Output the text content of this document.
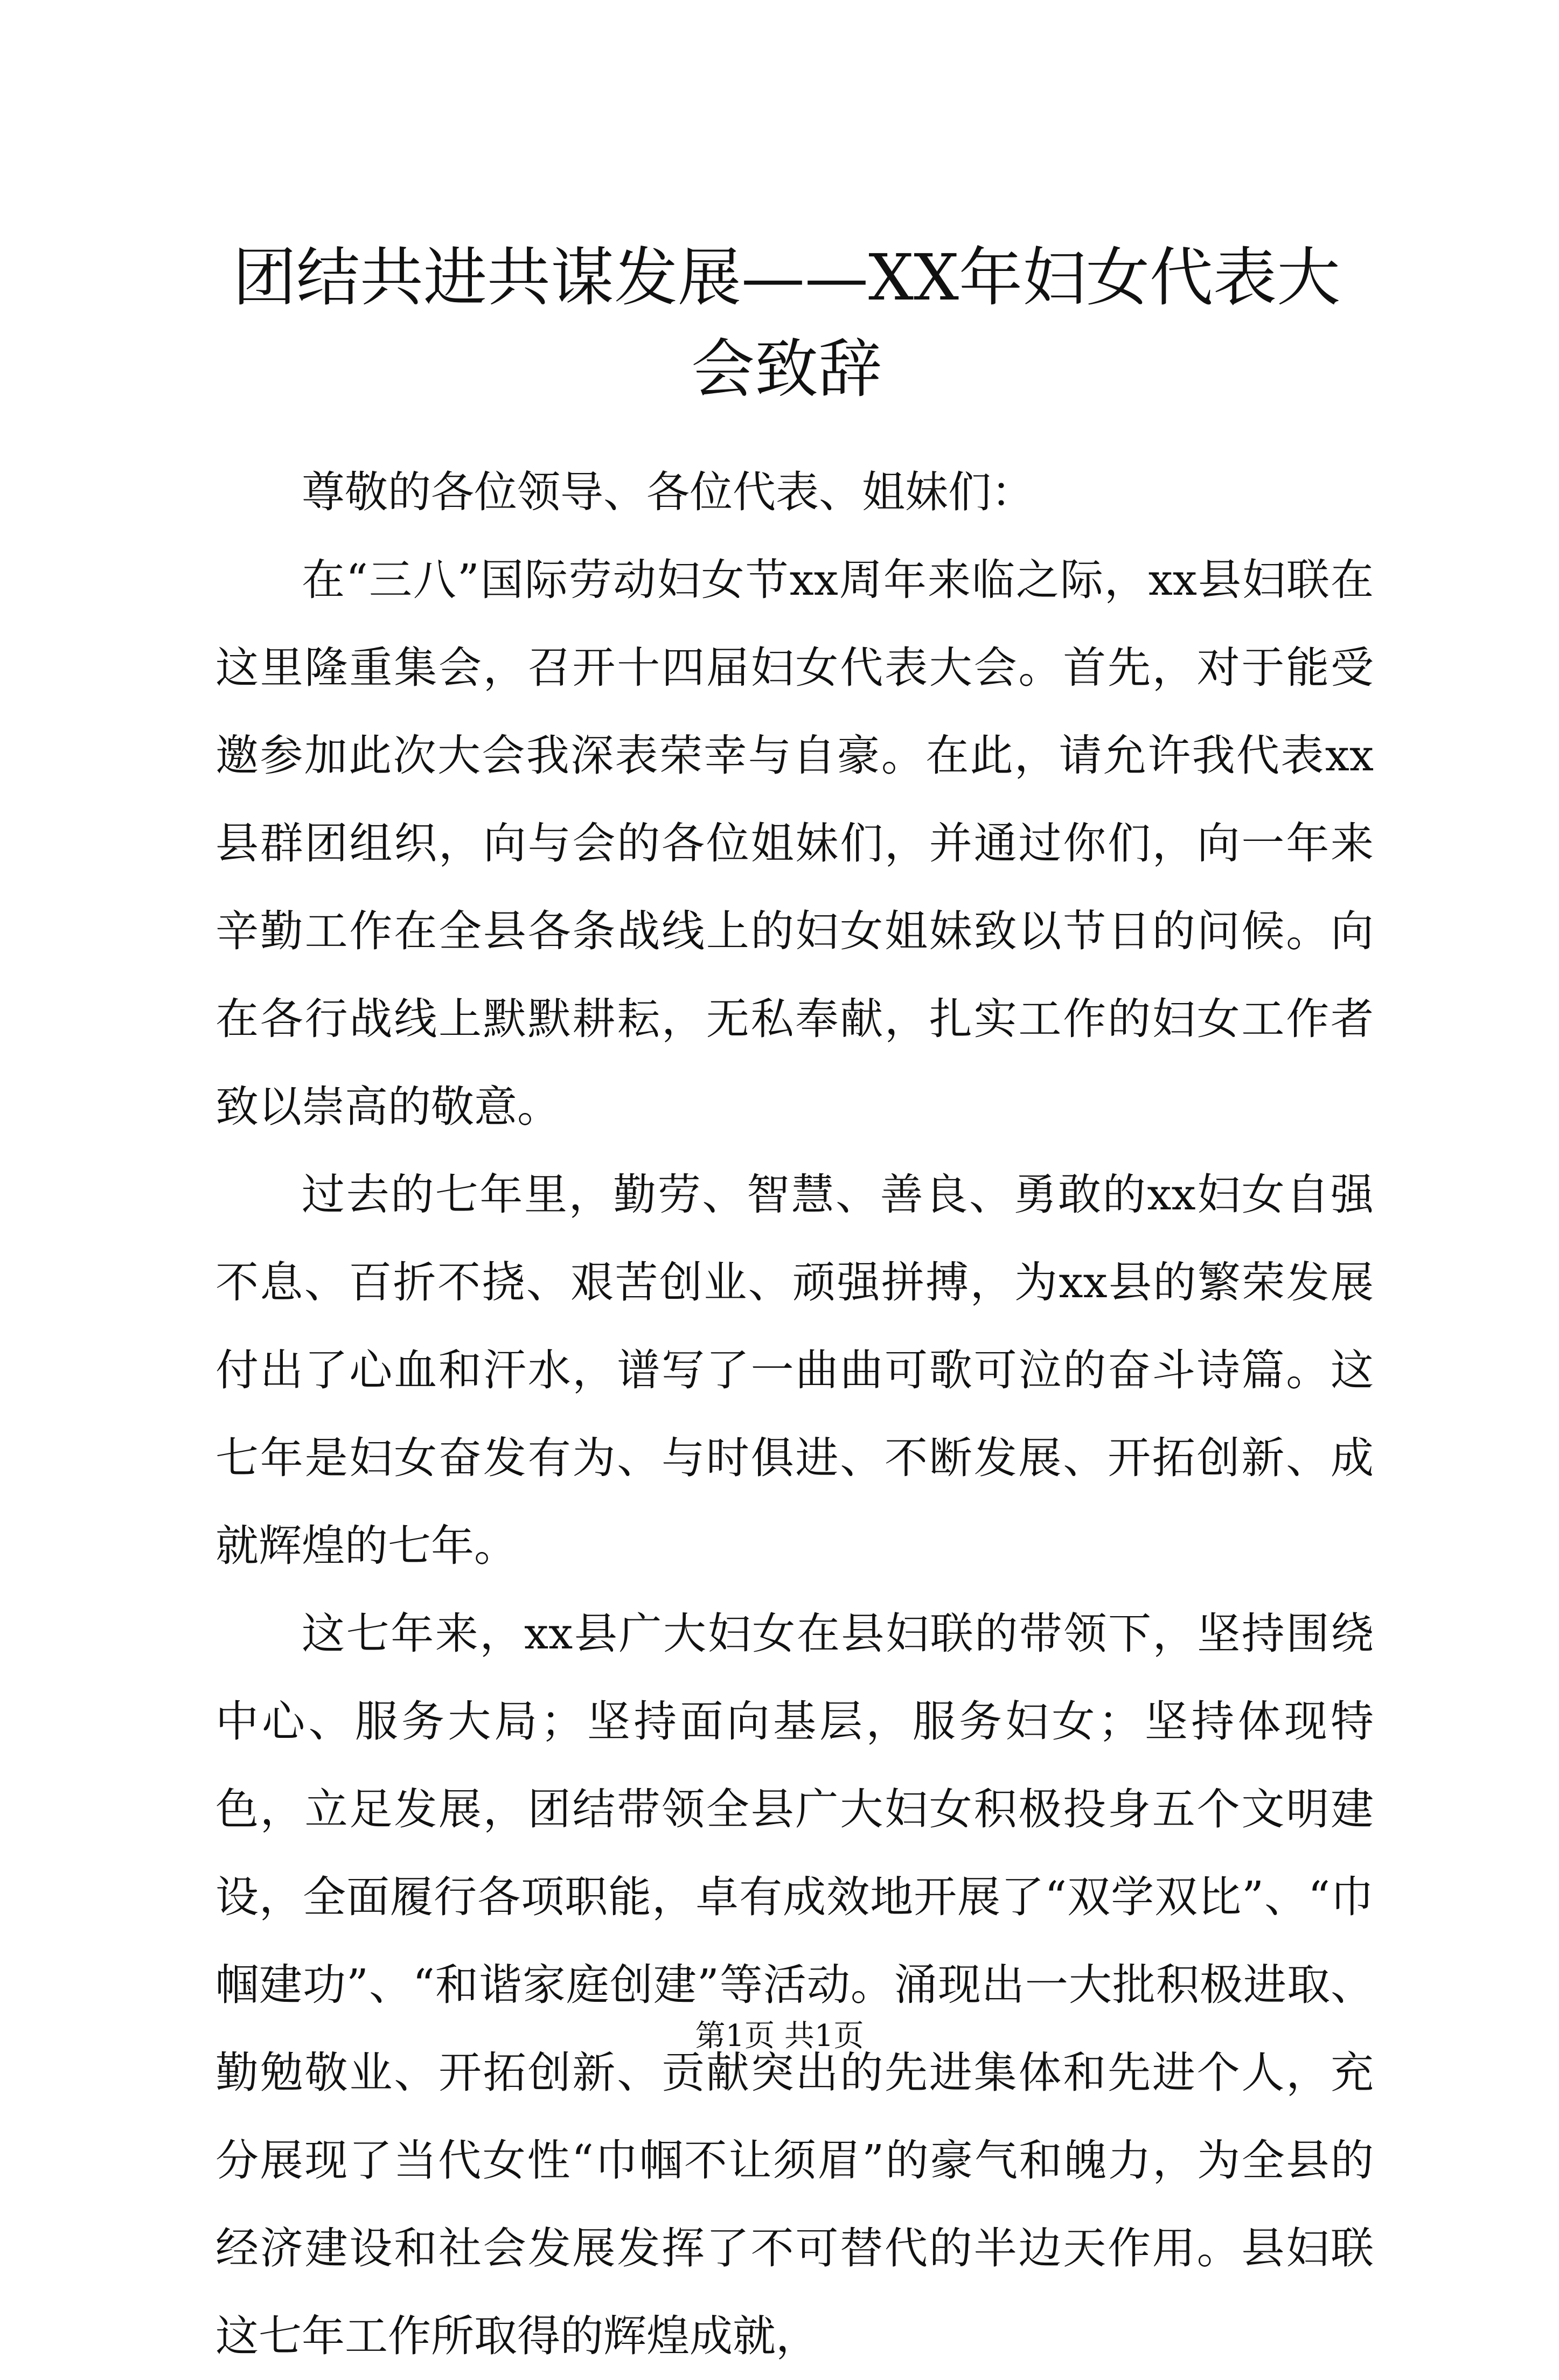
团结共进共谋发展——XX年妇女代表大会致辞

尊敬的各位领导、各位代表、姐妹们：

在“三八”国际劳动妇女节xx周年来临之际，xx县妇联在这里隆重集会，召开十四届妇女代表大会。首先，对于能受邀参加此次大会我深表荣幸与自豪。在此，请允许我代表xx县群团组织，向与会的各位姐妹们，并通过你们，向一年来辛勤工作在全县各条战线上的妇女姐妹致以节日的问候。向在各行战线上默默耕耘，无私奉献，扎实工作的妇女工作者致以崇高的敬意。

过去的七年里，勤劳、智慧、善良、勇敢的xx妇女自强不息、百折不挠、艰苦创业、顽强拼搏，为xx县的繁荣发展付出了心血和汗水，谱写了一曲曲可歌可泣的奋斗诗篇。这七年是妇女奋发有为、与时俱进、不断发展、开拓创新、成就辉煌的七年。

这七年来，xx县广大妇女在县妇联的带领下，坚持围绕中心、服务大局；坚持面向基层，服务妇女；坚持体现特色，立足发展，团结带领全县广大妇女积极投身五个文明建设，全面履行各项职能，卓有成效地开展了“双学双比”、“巾帼建功”、“和谐家庭创建”等活动。涌现出一大批积极进取、勤勉敬业、开拓创新、贡献突出的先进集体和先进个人，充分展现了当代女性“巾帼不让须眉”的豪气和魄力，为全县的经济建设和社会发展发挥了不可替代的半边天作用。县妇联这七年工作所取得的辉煌成就，

第1页 共1页
